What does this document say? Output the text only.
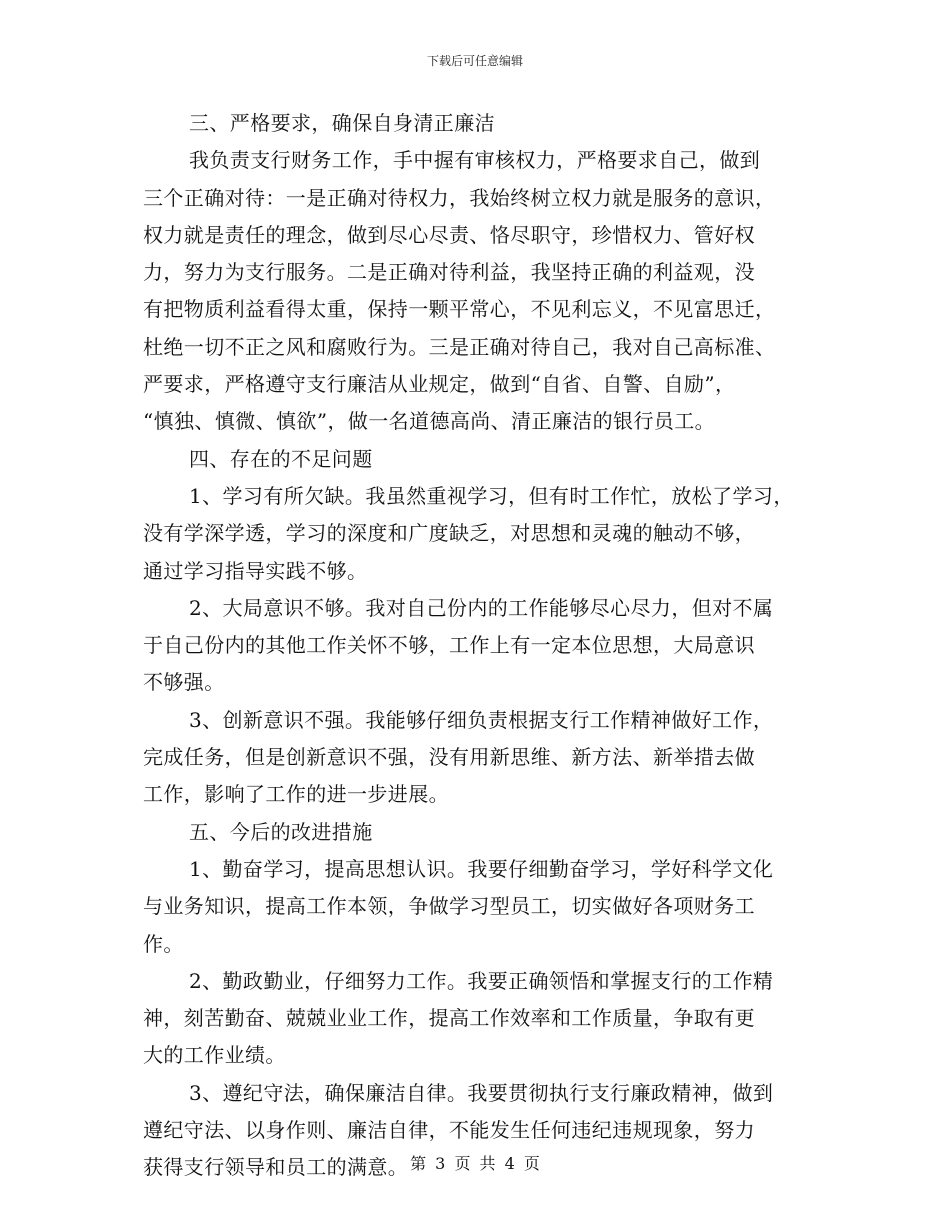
下载后可任意编辑
三、严格要求，确保自身清正廉洁
我负责支行财务工作，手中握有审核权力，严格要求自己，做到
三个正确对待：一是正确对待权力，我始终树立权力就是服务的意识，
权力就是责任的理念，做到尽心尽责、恪尽职守，珍惜权力、管好权
力，努力为支行服务。二是正确对待利益，我坚持正确的利益观，没
有把物质利益看得太重，保持一颗平常心，不见利忘义，不见富思迁，
杜绝一切不正之风和腐败行为。三是正确对待自己，我对自己高标准、
严要求，严格遵守支行廉洁从业规定，做到“自省、自警、自励”，
“慎独、慎微、慎欲”，做一名道德高尚、清正廉洁的银行员工。
四、存在的不足问题
1、学习有所欠缺。我虽然重视学习，但有时工作忙，放松了学习，
没有学深学透，学习的深度和广度缺乏，对思想和灵魂的触动不够，
通过学习指导实践不够。
2、大局意识不够。我对自己份内的工作能够尽心尽力，但对不属
于自己份内的其他工作关怀不够，工作上有一定本位思想，大局意识
不够强。
3、创新意识不强。我能够仔细负责根据支行工作精神做好工作，
完成任务，但是创新意识不强，没有用新思维、新方法、新举措去做
工作，影响了工作的进一步进展。
五、今后的改进措施
1、勤奋学习，提高思想认识。我要仔细勤奋学习，学好科学文化
与业务知识，提高工作本领，争做学习型员工，切实做好各项财务工
作。
2、勤政勤业，仔细努力工作。我要正确领悟和掌握支行的工作精
神，刻苦勤奋、兢兢业业工作，提高工作效率和工作质量，争取有更
大的工作业绩。
3、遵纪守法，确保廉洁自律。我要贯彻执行支行廉政精神，做到
遵纪守法、以身作则、廉洁自律，不能发生任何违纪违规现象，努力
获得支行领导和员工的满意。 第 3 页 共 4 页
